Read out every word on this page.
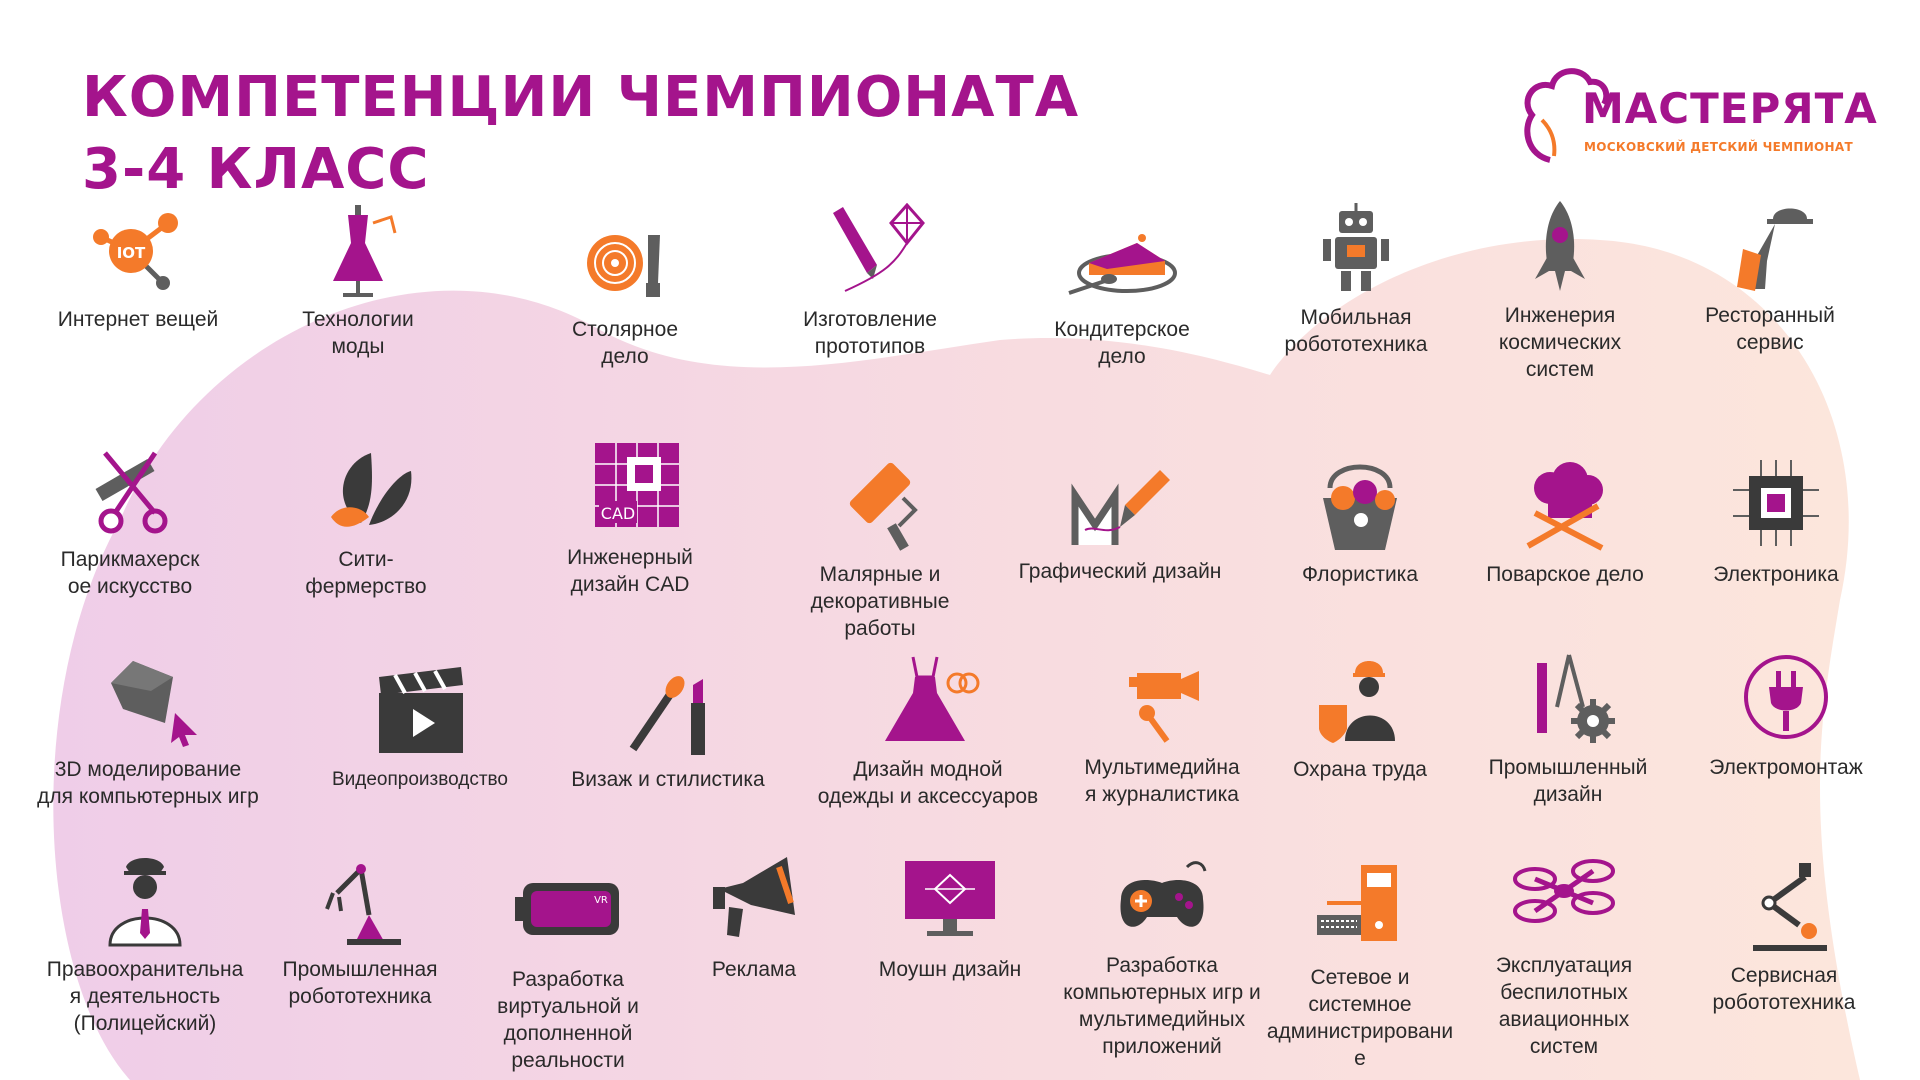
КОМПЕТЕНЦИИ ЧЕМПИОНАТА
3-4 КЛАСС
МАСТЕРЯТА
МОСКОВСКИЙ ДЕТСКИЙ ЧЕМПИОНАТ
IOT
Интернет вещей	Технологии
моды
Столярное
дело
Изготовление
прототипов
Кондитерское
дело
Мобильная
робототехника
Инженерия
космических
систем
Ресторанный
сервис
Парикмахерск
ое искусство
Сити-
фермерство
CAD
Инженерный
дизайн CAD	Малярные и
декоративные
работы
Графический дизайн	Флористика	Поварское дело	Электроника
3D моделирование
для компьютерных игр
Видеопроизводство	Визаж и стилистика	Дизайн модной
одежды и аксессуаров
Мультимедийна
я журналистика
Охрана труда	Промышленный
дизайн
Электромонтаж
Правоохранительна
я деятельность
(Полицейский)
Промышленная
робототехника
VR
Разработка
виртуальной и
дополненной
реальности
Реклама	Моушн дизайн	Разработка
компьютерных игр и
мультимедийных
приложений
Сетевое и
системное
администрировани
е
Эксплуатация
беспилотных
авиационных
систем
Сервисная
робототехника
